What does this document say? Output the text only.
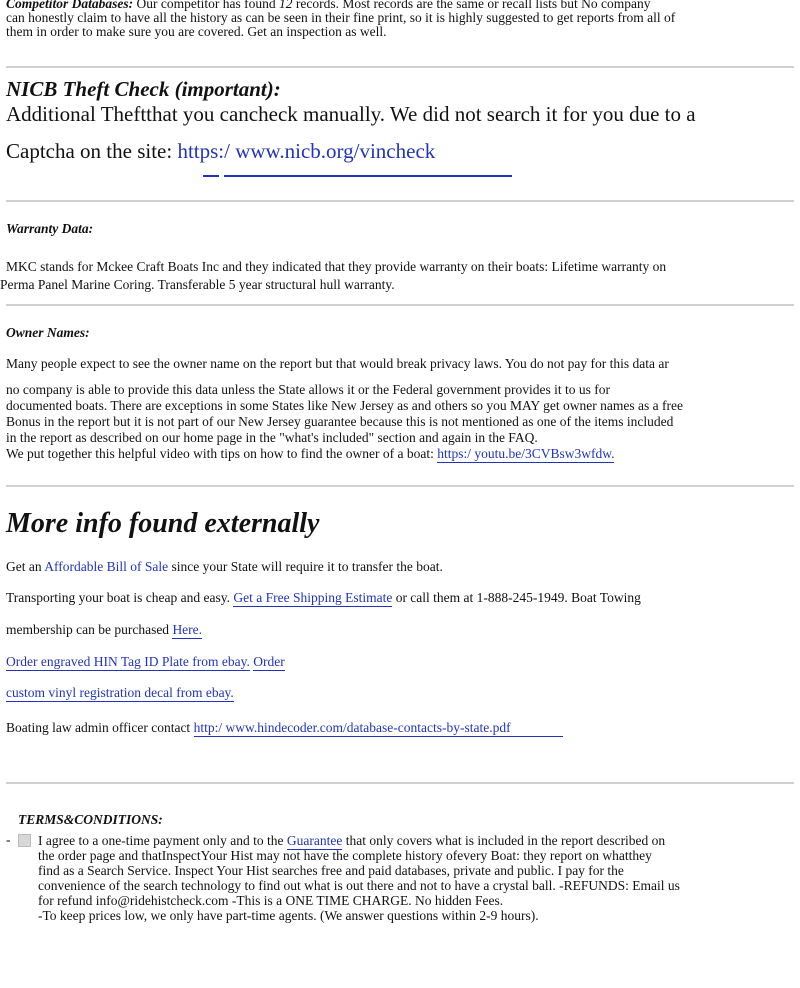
Competitor Databases: Our competitor has found 12 records. Most records are the same or recall lists but No company
can honestly claim to have all the history as can be seen in their fine print, so it is highly suggested to get reports from all of
them in order to make sure you are covered. Get an inspection as well.
NICB Theft Check (important):
Additional Theftthat you cancheck manually. We did not search it for you due to a
Captcha on the site: https:/ www.nicb.org/vincheck
Warranty Data:
MKC stands for Mckee Craft Boats Inc and they indicated that they provide warranty on their boats: Lifetime warranty on
Perma Panel Marine Coring. Transferable 5 year structural hull warranty.
Owner Names:
Many people expect to see the owner name on the report but that would break privacy laws. You do not pay for this data ar
no company is able to provide this data unless the State allows it or the Federal government provides it to us for
documented boats. There are exceptions in some States like New Jersey as and others so you MAY get owner names as a free
Bonus in the report but it is not part of our New Jersey guarantee because this is not mentioned as one of the items included
in the report as described on our home page in the "what's included" section and again in the FAQ.
We put together this helpful video with tips on how to find the owner of a boat: https:/ youtu.be/3CVBsw3wfdw.
More info found externally
Get an Affordable Bill of Sale since your State will require it to transfer the boat.
Transporting your boat is cheap and easy. Get a Free Shipping Estimate or call them at 1-888-245-1949. Boat Towing
membership can be purchased Here.
Order engraved HIN Tag ID Plate from ebay. Order
custom vinyl registration decal from ebay.
Boating law admin officer contact http:/ www.hindecoder.com/database-contacts-by-state.pdf
TERMS&CONDITIONS:
- I agree to a one-time payment only and to the Guarantee that only covers what is included in the report described on
the order page and thatInspectYour Hist may not have the complete history ofevery Boat: they report on whatthey
find as a Search Service. Inspect Your Hist searches free and paid databases, private and public. I pay for the
convenience of the search technology to find out what is out there and not to have a crystal ball. -REFUNDS: Email us
for refund info@ridehistcheck.com -This is a ONE TIME CHARGE. No hidden Fees.
-To keep prices low, we only have part-time agents. (We answer questions within 2-9 hours).
